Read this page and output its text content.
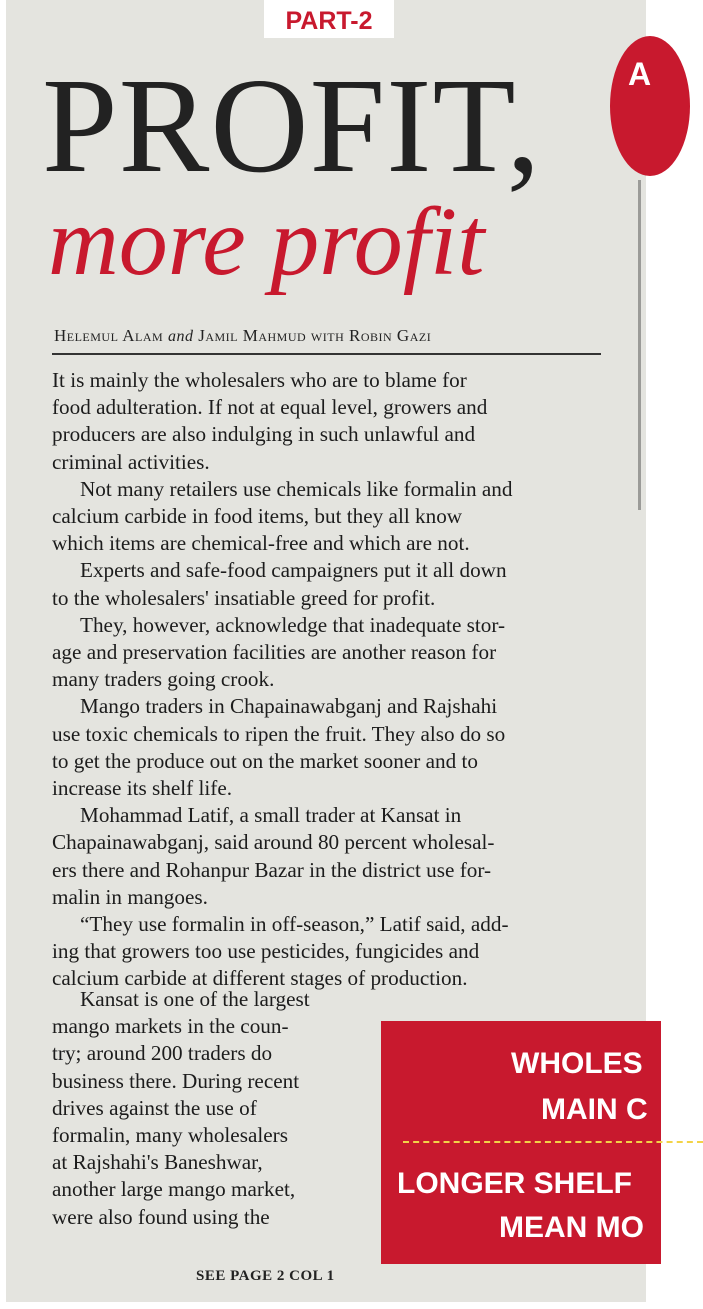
PART-2
A
PROFIT,
more profit
Helemul Alam and Jamil Mahmud with Robin Gazi

It is mainly the wholesalers who are to blame for

food adulteration. If not at equal level, growers and

producers are also indulging in such unlawful and

criminal activities.

Not many retailers use chemicals like formalin and

calcium carbide in food items, but they all know

which items are chemical-free and which are not.

Experts and safe-food campaigners put it all down

to the wholesalers' insatiable greed for profit.

They, however, acknowledge that inadequate stor-

age and preservation facilities are another reason for

many traders going crook.

Mango traders in Chapainawabganj and Rajshahi

use toxic chemicals to ripen the fruit. They also do so

to get the produce out on the market sooner and to

increase its shelf life.

Mohammad Latif, a small trader at Kansat in

Chapainawabganj, said around 80 percent wholesal-

ers there and Rohanpur Bazar in the district use for-

malin in mangoes.

“They use formalin in off-season,” Latif said, add-

ing that growers too use pesticides, fungicides and

calcium carbide at different stages of production.

Kansat is one of the largest
mango markets in the coun-
try; around 200 traders do
business there. During recent
drives against the use of
formalin, many wholesalers
at Rajshahi's Baneshwar,
another large mango market,
were also found using the
SEE PAGE 2 COL 1
WHOLES
MAIN C
LONGER SHELF
MEAN MO
